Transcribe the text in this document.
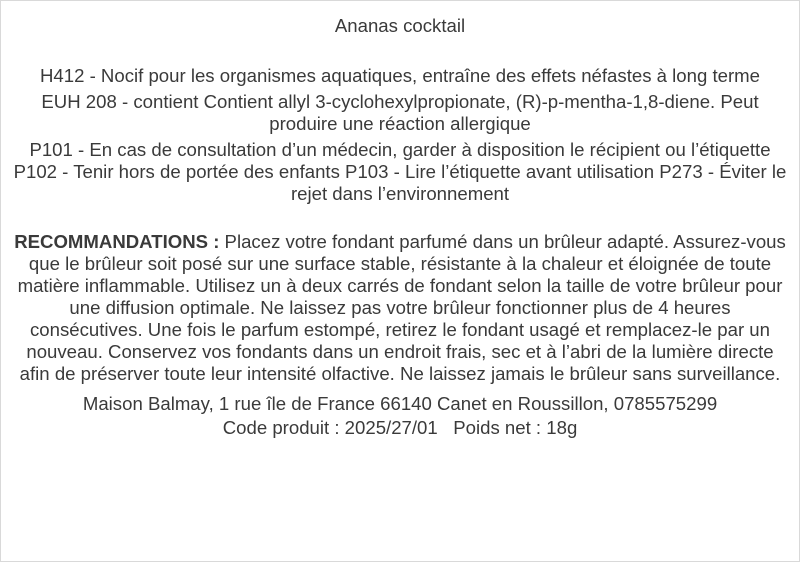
Ananas cocktail
H412 - Nocif pour les organismes aquatiques, entraîne des effets néfastes à long terme
EUH 208 - contient Contient allyl 3-cyclohexylpropionate, (R)-p-mentha-1,8-diene. Peut produire une réaction allergique
P101 - En cas de consultation d’un médecin, garder à disposition le récipient ou l’étiquette P102 - Tenir hors de portée des enfants P103 - Lire l’étiquette avant utilisation P273 - Éviter le rejet dans l’environnement
RECOMMANDATIONS : Placez votre fondant parfumé dans un brûleur adapté. Assurez-vous que le brûleur soit posé sur une surface stable, résistante à la chaleur et éloignée de toute matière inflammable. Utilisez un à deux carrés de fondant selon la taille de votre brûleur pour une diffusion optimale. Ne laissez pas votre brûleur fonctionner plus de 4 heures consécutives. Une fois le parfum estompé, retirez le fondant usagé et remplacez-le par un nouveau. Conservez vos fondants dans un endroit frais, sec et à l’abri de la lumière directe afin de préserver toute leur intensité olfactive. Ne laissez jamais le brûleur sans surveillance.
Maison Balmay, 1 rue île de France 66140 Canet en Roussillon, 0785575299
Code produit : 2025/27/01 Poids net : 18g
